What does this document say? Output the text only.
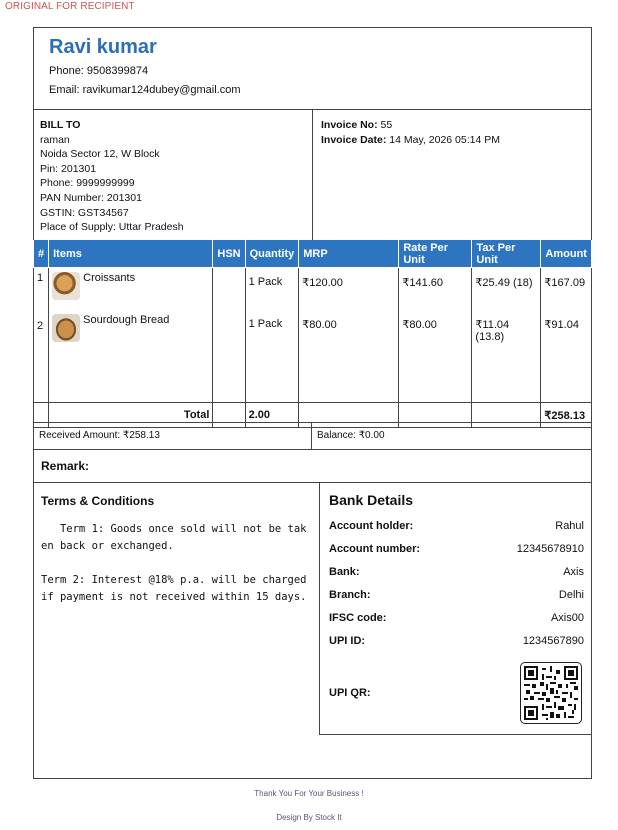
ORIGINAL FOR RECIPIENT
Ravi kumar
Phone: 9508399874
Email: ravikumar124dubey@gmail.com
BILL TO
raman
Noida Sector 12, W Block
Pin: 201301
Phone: 9999999999
PAN Number: 201301
GSTIN: GST34567
Place of Supply: Uttar Pradesh
Invoice No: 55
Invoice Date: 14 May, 2026 05:14 PM
#	Items	HSN	Quantity	MRP	Rate Per Unit	Tax Per Unit	Amount
1	Croissants		1 Pack	₹120.00	₹141.60	₹25.49 (18)	₹167.09
2	Sourdough Bread		1 Pack	₹80.00	₹80.00	₹11.04 (13.8)	₹91.04

	Total		2.00				₹258.13
Received Amount: ₹258.13	Balance: ₹0.00
Remark:
Terms & Conditions
Term 1: Goods once sold will not be taken back or exchanged.

Term 2: Interest @18% p.a. will be charged if payment is not received within 15 days.
Bank Details
Account holder:	Rahul
Account number:	12345678910
Bank:	Axis
Branch:	Delhi
IFSC code:	Axis00
UPI ID:	1234567890
UPI QR:
Thank You For Your Business !
Design By Stock It
